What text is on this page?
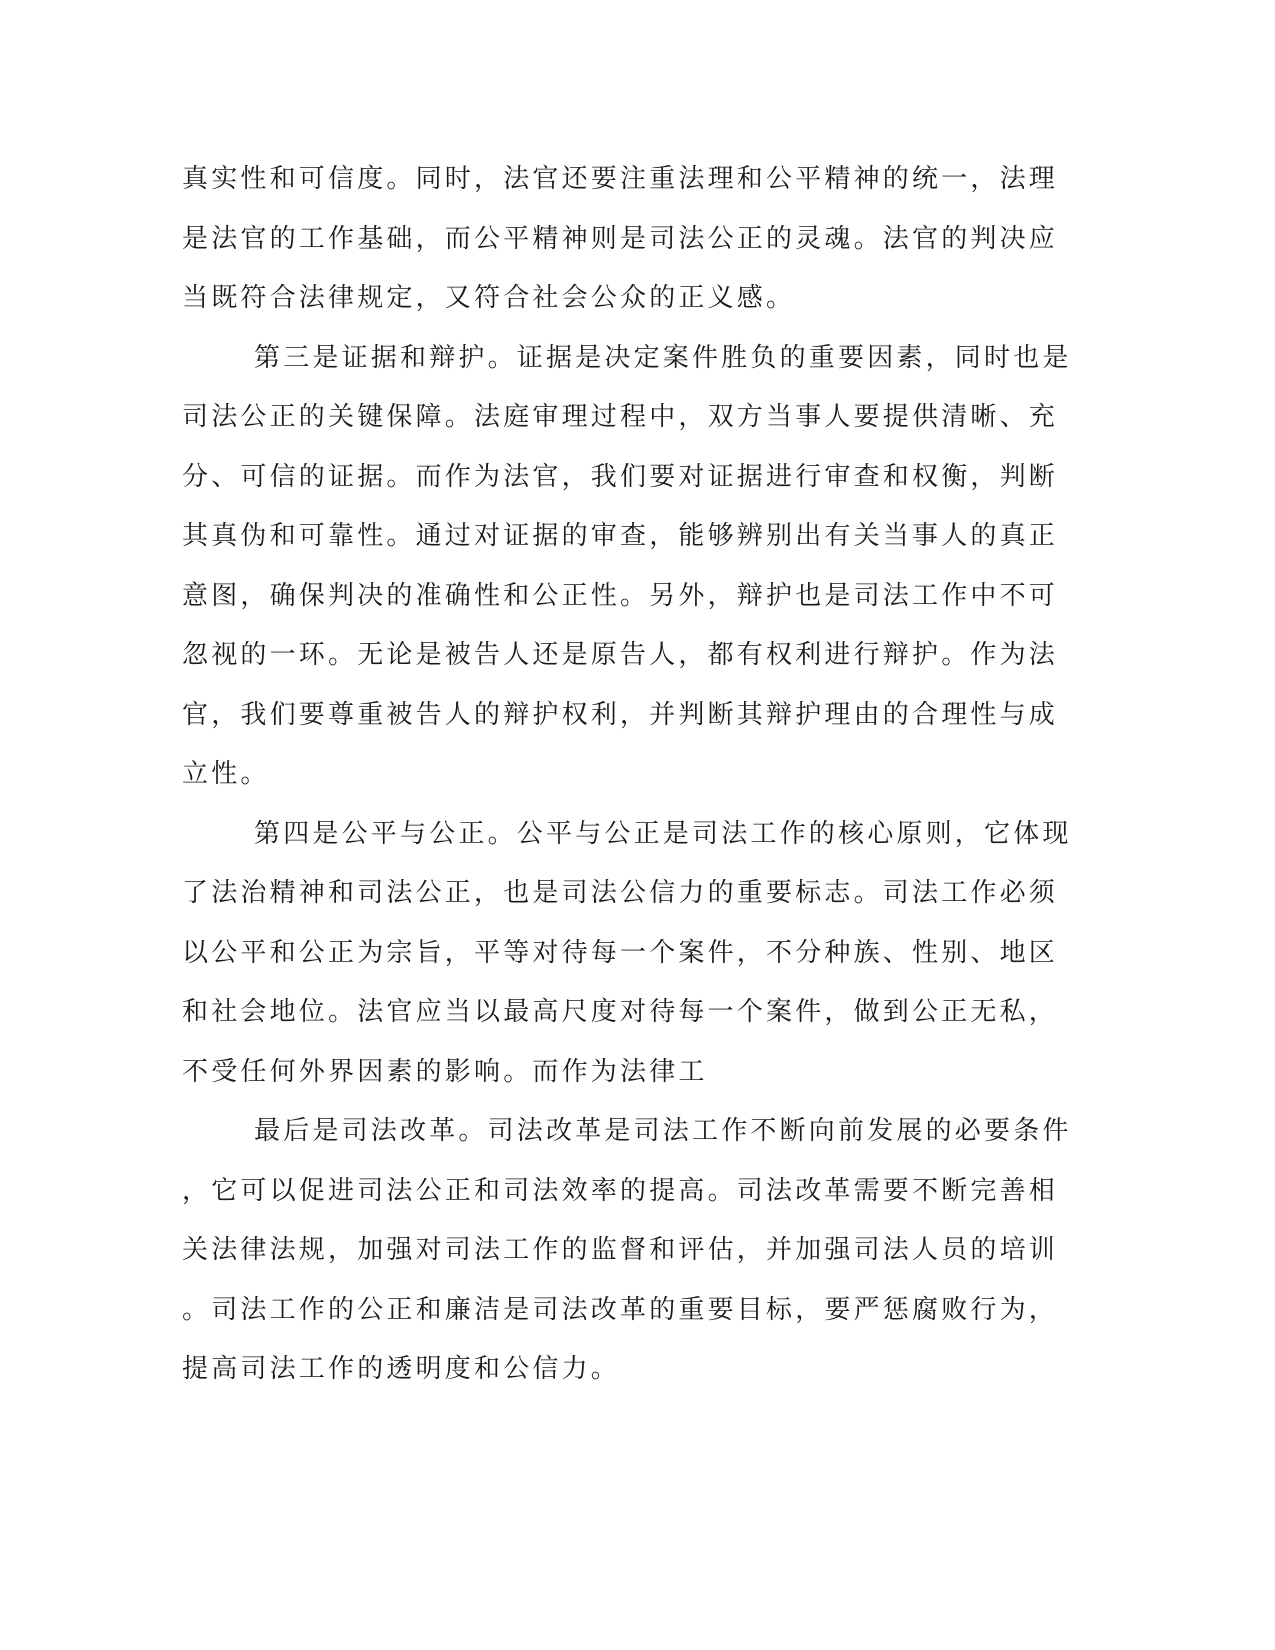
真实性和可信度。同时，法官还要注重法理和公平精神的统一，法理
是法官的工作基础，而公平精神则是司法公正的灵魂。法官的判决应
当既符合法律规定，又符合社会公众的正义感。

第三是证据和辩护。证据是决定案件胜负的重要因素，同时也是
司法公正的关键保障。法庭审理过程中，双方当事人要提供清晰、充
分、可信的证据。而作为法官，我们要对证据进行审查和权衡，判断
其真伪和可靠性。通过对证据的审查，能够辨别出有关当事人的真正
意图，确保判决的准确性和公正性。另外，辩护也是司法工作中不可
忽视的一环。无论是被告人还是原告人，都有权利进行辩护。作为法
官，我们要尊重被告人的辩护权利，并判断其辩护理由的合理性与成
立性。

第四是公平与公正。公平与公正是司法工作的核心原则，它体现
了法治精神和司法公正，也是司法公信力的重要标志。司法工作必须
以公平和公正为宗旨，平等对待每一个案件，不分种族、性别、地区
和社会地位。法官应当以最高尺度对待每一个案件，做到公正无私，
不受任何外界因素的影响。而作为法律工

最后是司法改革。司法改革是司法工作不断向前发展的必要条件
，它可以促进司法公正和司法效率的提高。司法改革需要不断完善相
关法律法规，加强对司法工作的监督和评估，并加强司法人员的培训
。司法工作的公正和廉洁是司法改革的重要目标，要严惩腐败行为，
提高司法工作的透明度和公信力。
